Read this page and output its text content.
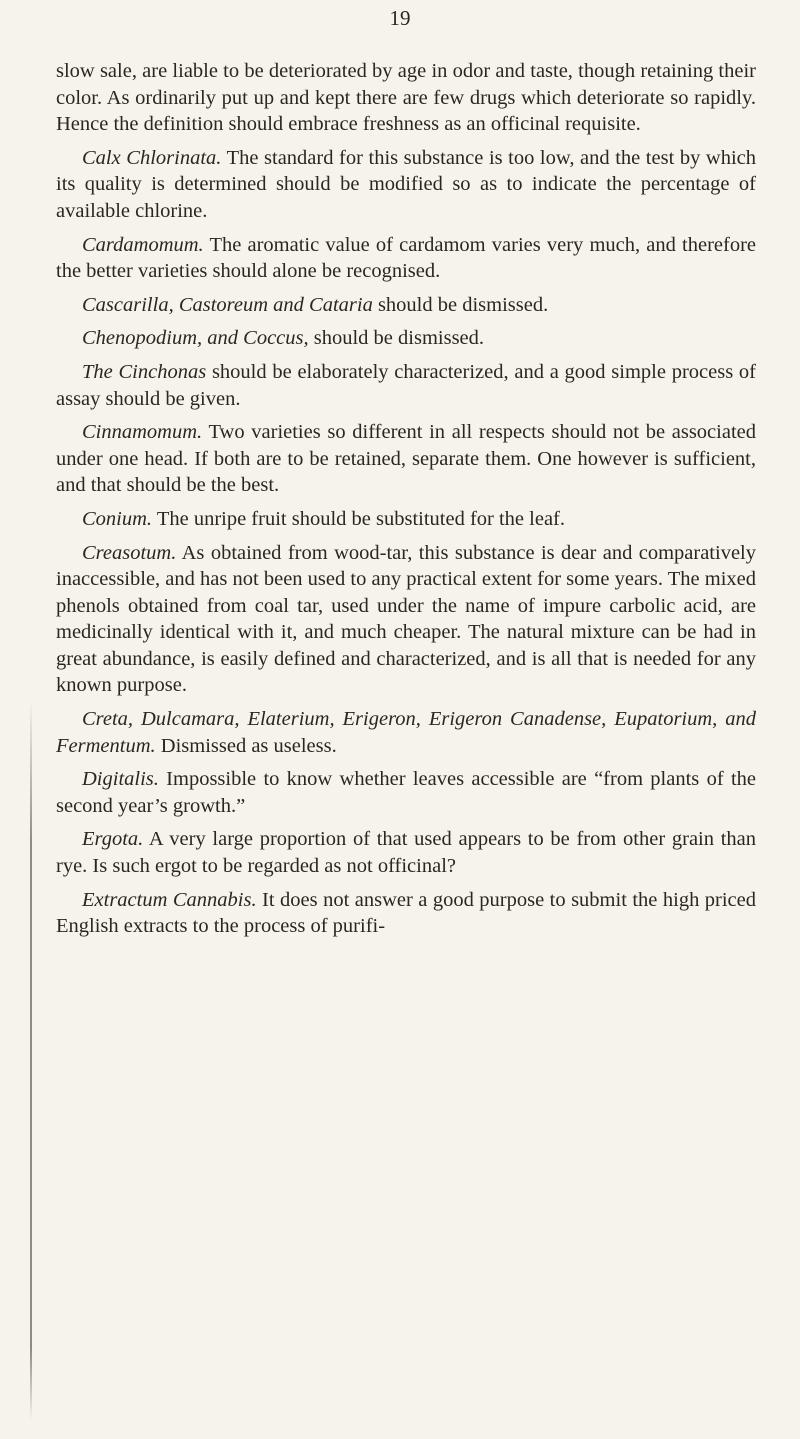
19

slow sale, are liable to be deteriorated by age in odor and taste, though retaining their color. As ordinarily put up and kept there are few drugs which deteriorate so rapidly. Hence the definition should embrace freshness as an officinal requisite.

Calx Chlorinata. The standard for this substance is too low, and the test by which its quality is determined should be modified so as to indicate the percentage of available chlorine.

Cardamomum. The aromatic value of cardamom varies very much, and therefore the better varieties should alone be recognised.

Cascarilla, Castoreum and Cataria should be dismissed.

Chenopodium, and Coccus, should be dismissed.

The Cinchonas should be elaborately characterized, and a good simple process of assay should be given.

Cinnamomum. Two varieties so different in all respects should not be associated under one head. If both are to be retained, separate them. One however is sufficient, and that should be the best.

Conium. The unripe fruit should be substituted for the leaf.

Creasotum. As obtained from wood-tar, this substance is dear and comparatively inaccessible, and has not been used to any practical extent for some years. The mixed phenols obtained from coal tar, used under the name of impure carbolic acid, are medicinally identical with it, and much cheaper. The natural mixture can be had in great abundance, is easily defined and characterized, and is all that is needed for any known purpose.

Creta, Dulcamara, Elaterium, Erigeron, Erigeron Canadense, Eupatorium, and Fermentum. Dismissed as useless.

Digitalis. Impossible to know whether leaves accessible are “from plants of the second year’s growth.”

Ergota. A very large proportion of that used appears to be from other grain than rye. Is such ergot to be regarded as not officinal?

Extractum Cannabis. It does not answer a good purpose to submit the high priced English extracts to the process of purifi-
